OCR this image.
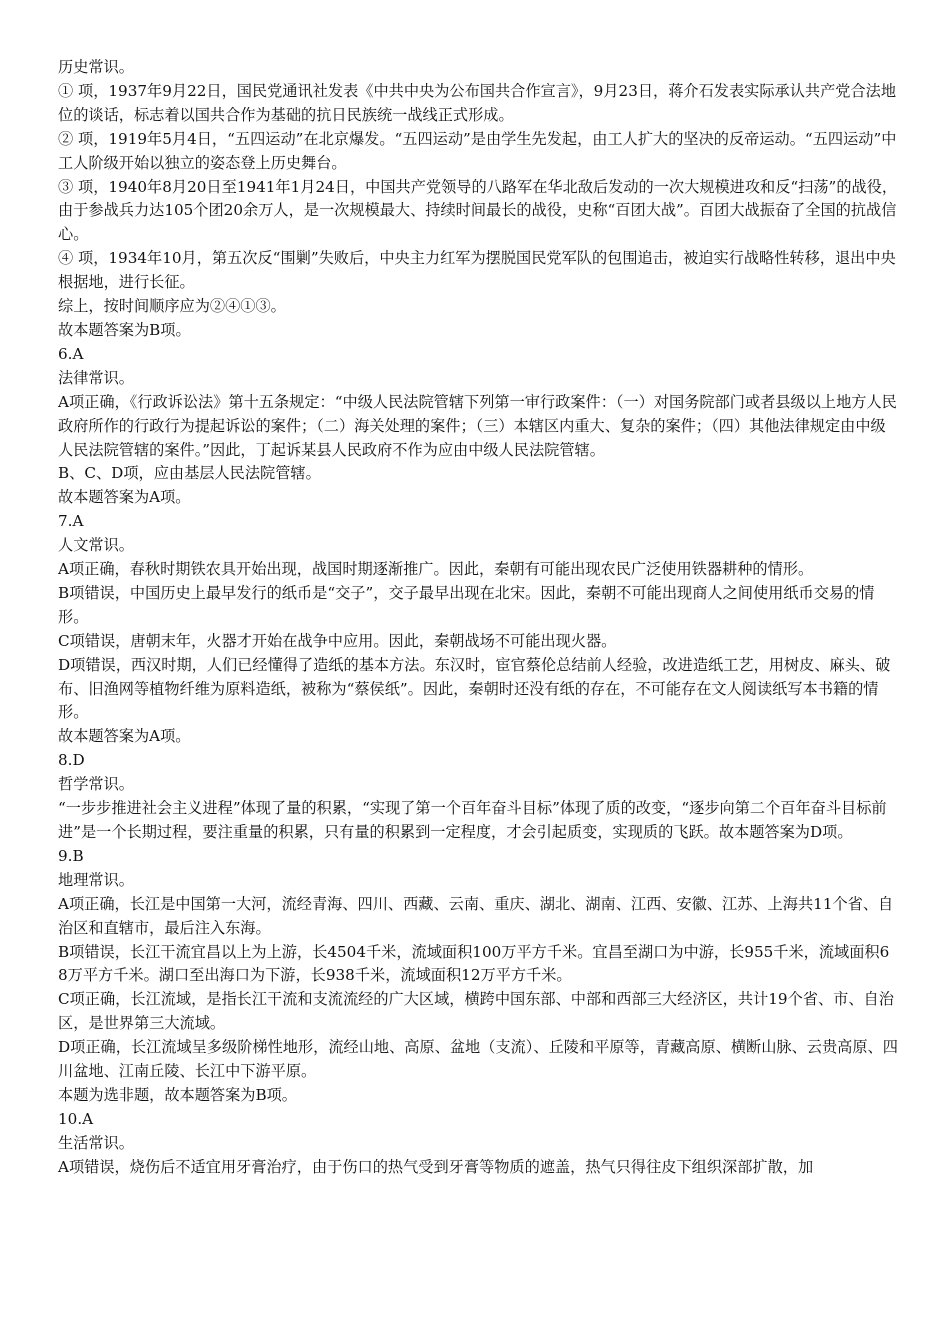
历史常识。

① 项，1937年9月22日，国民党通讯社发表《中共中央为公布国共合作宣言》，9月23日，蒋介石发表实际承认共产党合法地位的谈话，标志着以国共合作为基础的抗日民族统一战线正式形成。

② 项，1919年5月4日，“五四运动”在北京爆发。“五四运动”是由学生先发起，由工人扩大的坚决的反帝运动。“五四运动”中工人阶级开始以独立的姿态登上历史舞台。

③ 项，1940年8月20日至1941年1月24日，中国共产党领导的八路军在华北敌后发动的一次大规模进攻和反“扫荡”的战役，由于参战兵力达105个团20余万人，是一次规模最大、持续时间最长的战役，史称“百团大战”。百团大战振奋了全国的抗战信心。

④ 项，1934年10月，第五次反“围剿”失败后，中央主力红军为摆脱国民党军队的包围追击，被迫实行战略性转移，退出中央根据地，进行长征。

综上，按时间顺序应为②④①③。

故本题答案为B项。

6.A

法律常识。

A项正确，《行政诉讼法》第十五条规定：“中级人民法院管辖下列第一审行政案件：（一）对国务院部门或者县级以上地方人民政府所作的行政行为提起诉讼的案件；（二）海关处理的案件；（三）本辖区内重大、复杂的案件；（四）其他法律规定由中级人民法院管辖的案件。”因此，丁起诉某县人民政府不作为应由中级人民法院管辖。

B、C、D项，应由基层人民法院管辖。

故本题答案为A项。

7.A

人文常识。

A项正确，春秋时期铁农具开始出现，战国时期逐渐推广。因此，秦朝有可能出现农民广泛使用铁器耕种的情形。

B项错误，中国历史上最早发行的纸币是“交子”，交子最早出现在北宋。因此，秦朝不可能出现商人之间使用纸币交易的情形。

C项错误，唐朝末年，火器才开始在战争中应用。因此，秦朝战场不可能出现火器。

D项错误，西汉时期，人们已经懂得了造纸的基本方法。东汉时，宦官蔡伦总结前人经验，改进造纸工艺，用树皮、麻头、破布、旧渔网等植物纤维为原料造纸，被称为“蔡侯纸”。因此，秦朝时还没有纸的存在，不可能存在文人阅读纸写本书籍的情形。

故本题答案为A项。

8.D

哲学常识。

“一步步推进社会主义进程”体现了量的积累，“实现了第一个百年奋斗目标”体现了质的改变，“逐步向第二个百年奋斗目标前进”是一个长期过程，要注重量的积累，只有量的积累到一定程度，才会引起质变，实现质的飞跃。故本题答案为D项。

9.B

地理常识。

A项正确，长江是中国第一大河，流经青海、四川、西藏、云南、重庆、湖北、湖南、江西、安徽、江苏、上海共11个省、自治区和直辖市，最后注入东海。

B项错误，长江干流宜昌以上为上游，长4504千米，流域面积100万平方千米。宜昌至湖口为中游，长955千米，流域面积68万平方千米。湖口至出海口为下游，长938千米，流域面积12万平方千米。

C项正确，长江流域，是指长江干流和支流流经的广大区域，横跨中国东部、中部和西部三大经济区，共计19个省、市、自治区，是世界第三大流域。

D项正确，长江流域呈多级阶梯性地形，流经山地、高原、盆地（支流）、丘陵和平原等，青藏高原、横断山脉、云贵高原、四川盆地、江南丘陵、长江中下游平原。

本题为选非题，故本题答案为B项。

10.A

生活常识。

A项错误，烧伤后不适宜用牙膏治疗，由于伤口的热气受到牙膏等物质的遮盖，热气只得往皮下组织深部扩散，加
